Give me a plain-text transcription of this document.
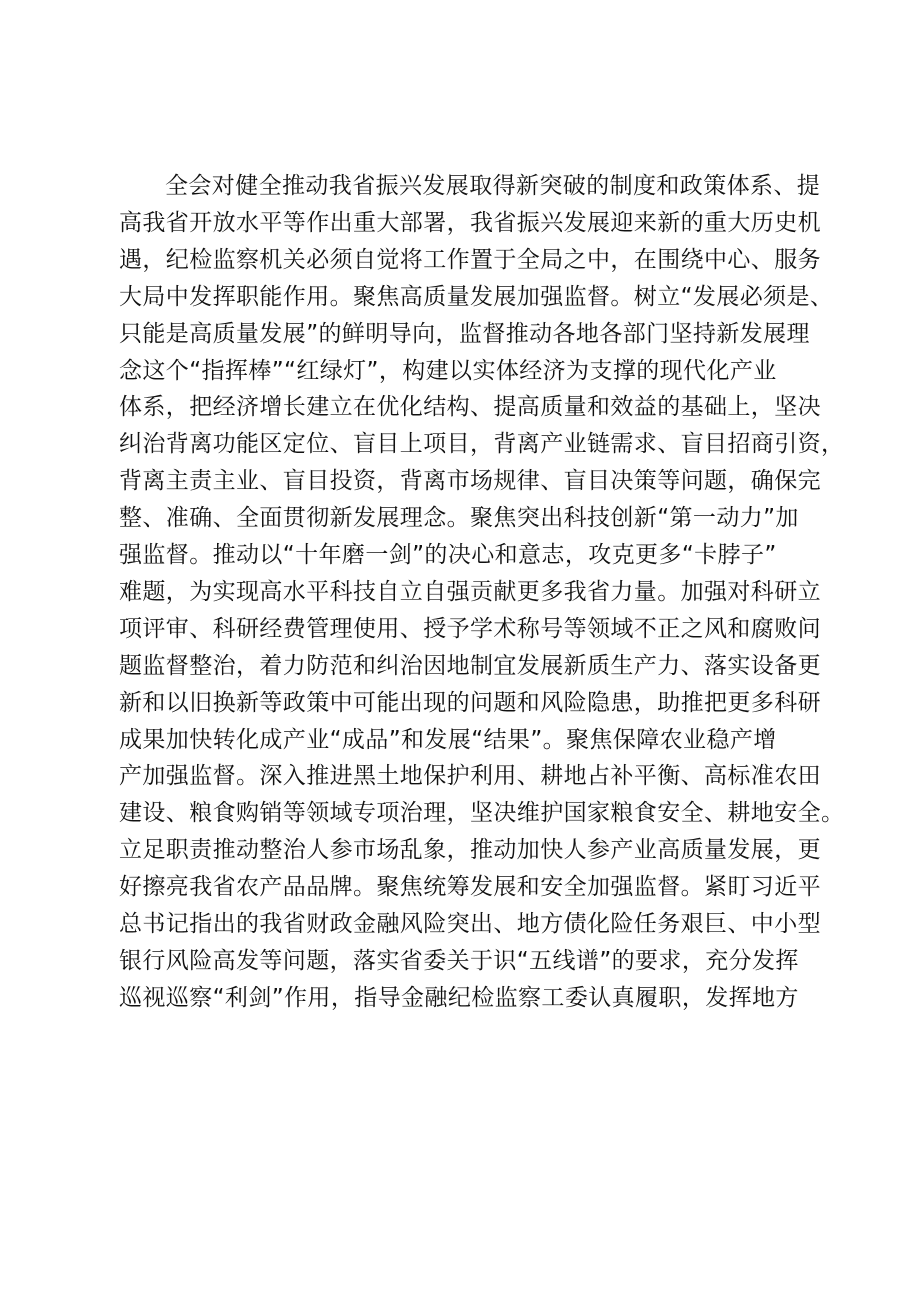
全会对健全推动我省振兴发展取得新突破的制度和政策体系、提
高我省开放水平等作出重大部署，我省振兴发展迎来新的重大历史机
遇，纪检监察机关必须自觉将工作置于全局之中，在围绕中心、服务
大局中发挥职能作用。聚焦高质量发展加强监督。树立“发展必须是、
只能是高质量发展”的鲜明导向，监督推动各地各部门坚持新发展理
念这个“指挥棒”“红绿灯”，构建以实体经济为支撑的现代化产业
体系，把经济增长建立在优化结构、提高质量和效益的基础上，坚决
纠治背离功能区定位、盲目上项目，背离产业链需求、盲目招商引资，
背离主责主业、盲目投资，背离市场规律、盲目决策等问题，确保完
整、准确、全面贯彻新发展理念。聚焦突出科技创新“第一动力”加
强监督。推动以“十年磨一剑”的决心和意志，攻克更多“卡脖子”
难题，为实现高水平科技自立自强贡献更多我省力量。加强对科研立
项评审、科研经费管理使用、授予学术称号等领域不正之风和腐败问
题监督整治，着力防范和纠治因地制宜发展新质生产力、落实设备更
新和以旧换新等政策中可能出现的问题和风险隐患，助推把更多科研
成果加快转化成产业“成品”和发展“结果”。聚焦保障农业稳产增
产加强监督。深入推进黑土地保护利用、耕地占补平衡、高标准农田
建设、粮食购销等领域专项治理，坚决维护国家粮食安全、耕地安全。
立足职责推动整治人参市场乱象，推动加快人参产业高质量发展，更
好擦亮我省农产品品牌。聚焦统筹发展和安全加强监督。紧盯习近平
总书记指出的我省财政金融风险突出、地方债化险任务艰巨、中小型
银行风险高发等问题，落实省委关于识“五线谱”的要求，充分发挥
巡视巡察“利剑”作用，指导金融纪检监察工委认真履职，发挥地方
